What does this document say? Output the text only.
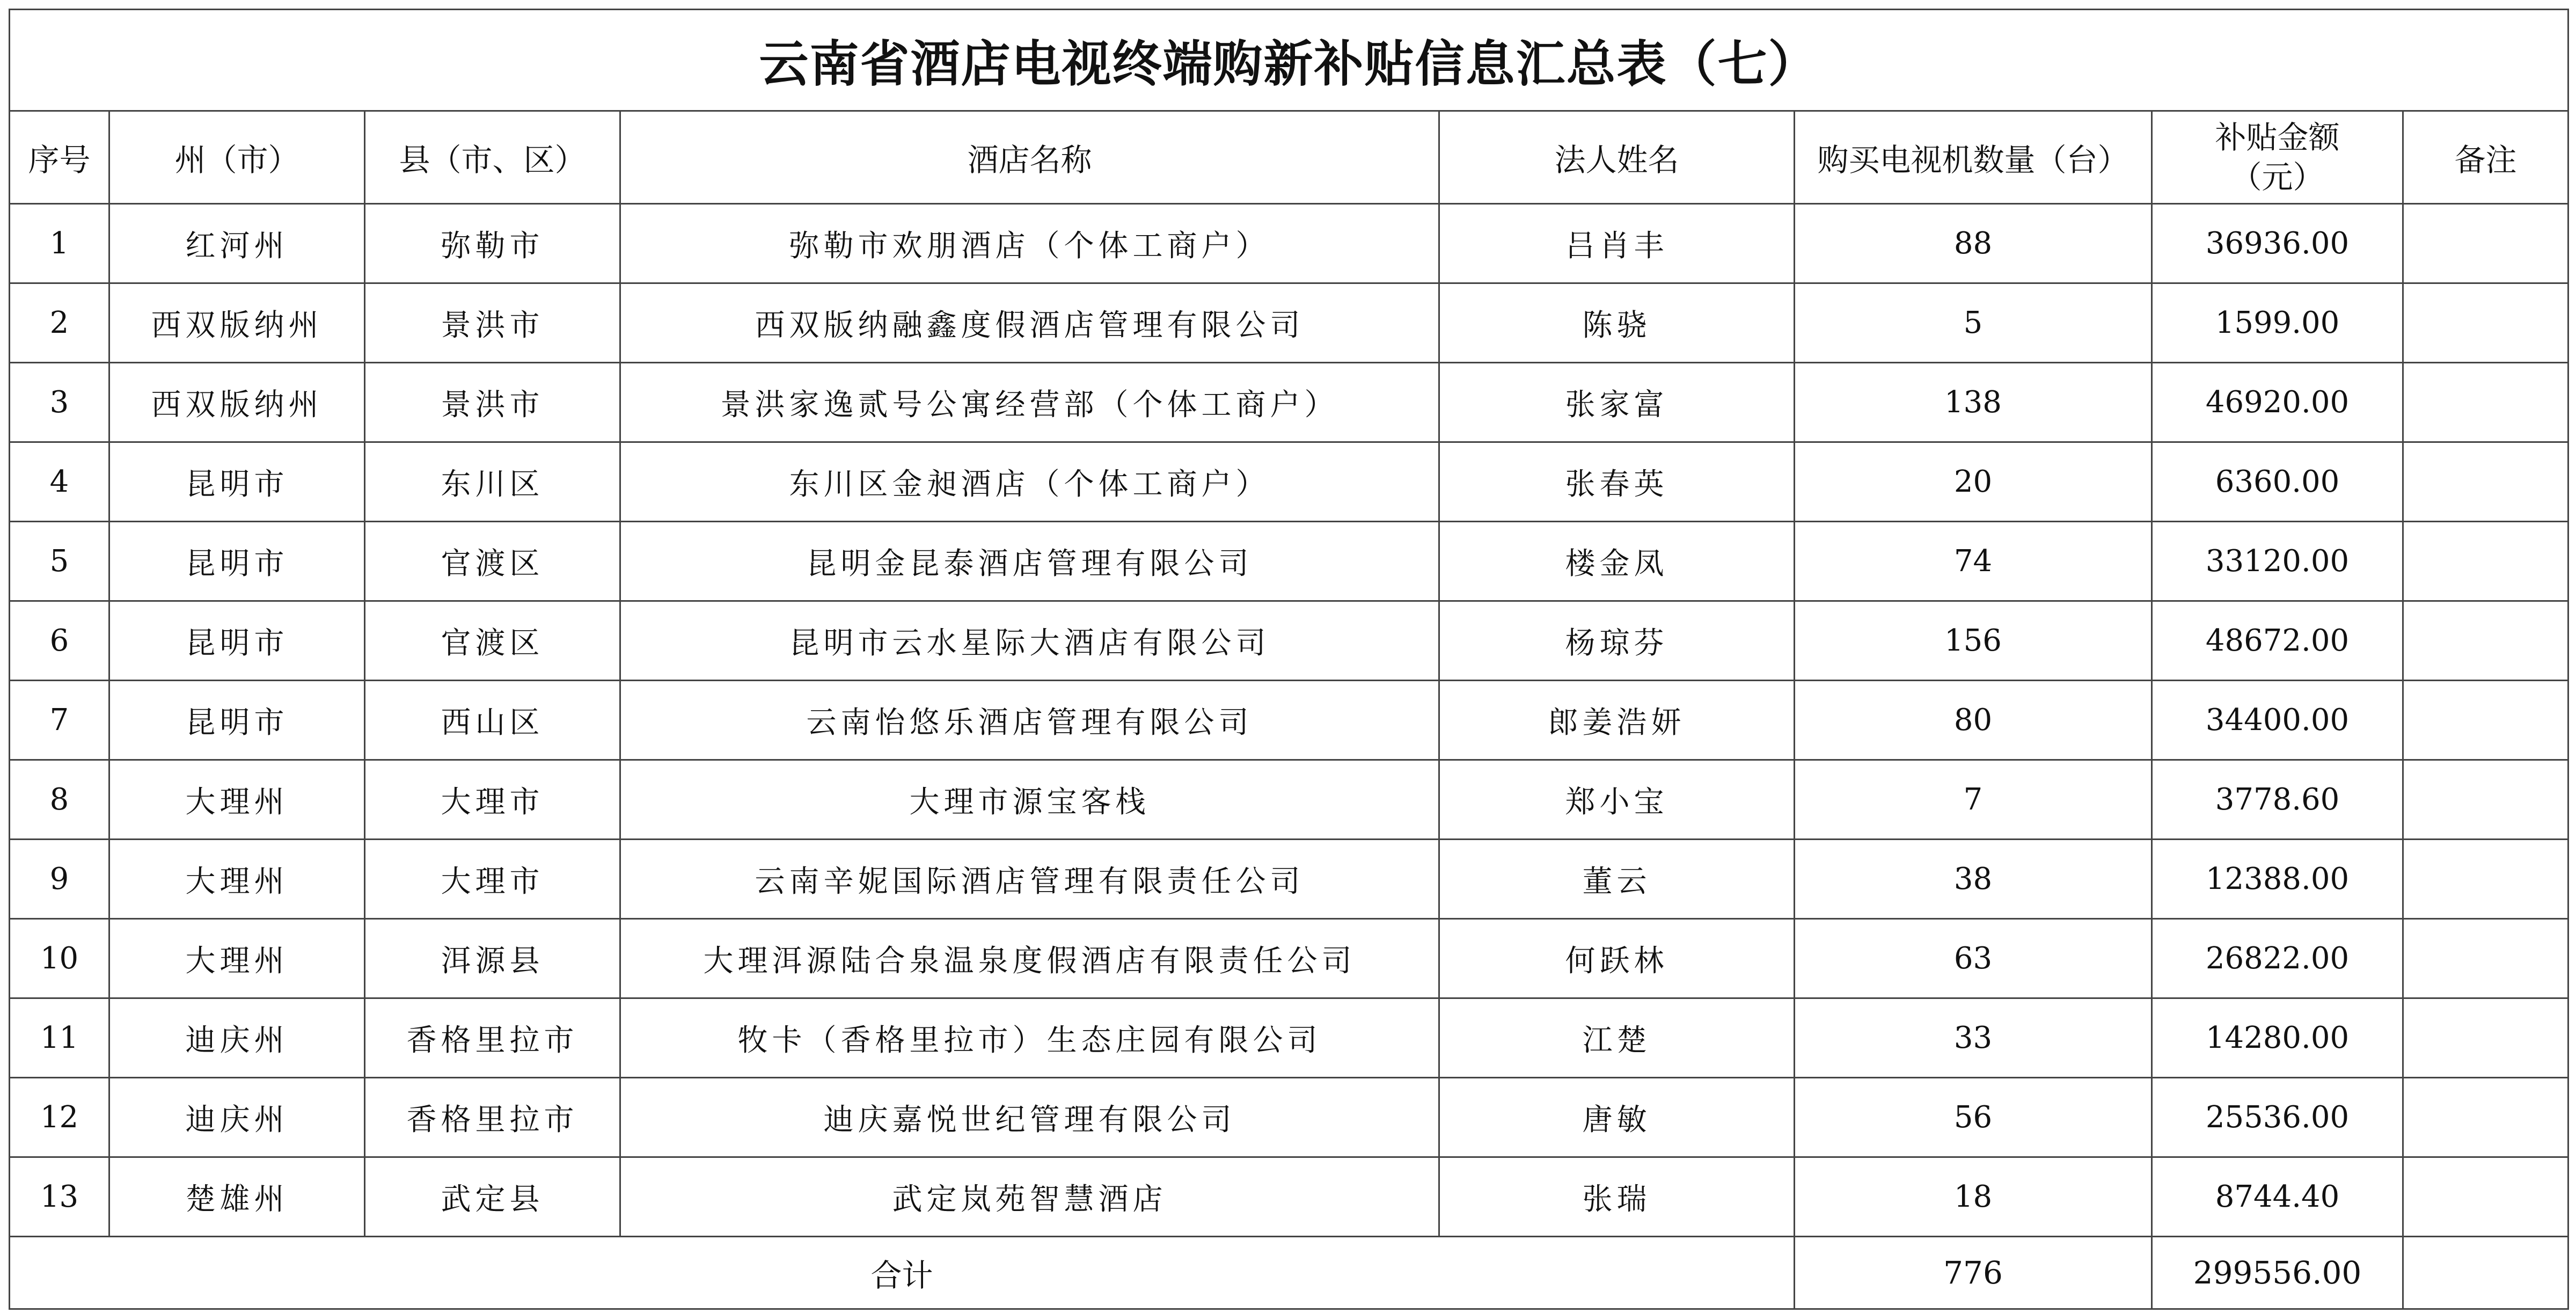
云南省酒店电视终端购新补贴信息汇总表（七）							
序号	州（市）	县（市、区）	酒店名称	法人姓名	购买电视机数量（台）	补贴金额（元）	备注
1	红河州	弥勒市	弥勒市欢朋酒店（个体工商户）	吕肖丰	88	36936.00	
2	西双版纳州	景洪市	西双版纳融鑫度假酒店管理有限公司	陈骁	5	1599.00	
3	西双版纳州	景洪市	景洪家逸贰号公寓经营部（个体工商户）	张家富	138	46920.00	
4	昆明市	东川区	东川区金昶酒店（个体工商户）	张春英	20	6360.00	
5	昆明市	官渡区	昆明金昆泰酒店管理有限公司	楼金凤	74	33120.00	
6	昆明市	官渡区	昆明市云水星际大酒店有限公司	杨琼芬	156	48672.00	
7	昆明市	西山区	云南怡悠乐酒店管理有限公司	郎姜浩妍	80	34400.00	
8	大理州	大理市	大理市源宝客栈	郑小宝	7	3778.60	
9	大理州	大理市	云南辛妮国际酒店管理有限责任公司	董云	38	12388.00	
10	大理州	洱源县	大理洱源陆合泉温泉度假酒店有限责任公司	何跃林	63	26822.00	
11	迪庆州	香格里拉市	牧卡（香格里拉市）生态庄园有限公司	江楚	33	14280.00	
12	迪庆州	香格里拉市	迪庆嘉悦世纪管理有限公司	唐敏	56	25536.00	
13	楚雄州	武定县	武定岚苑智慧酒店	张瑞	18	8744.40	
合计					776	299556.00	
